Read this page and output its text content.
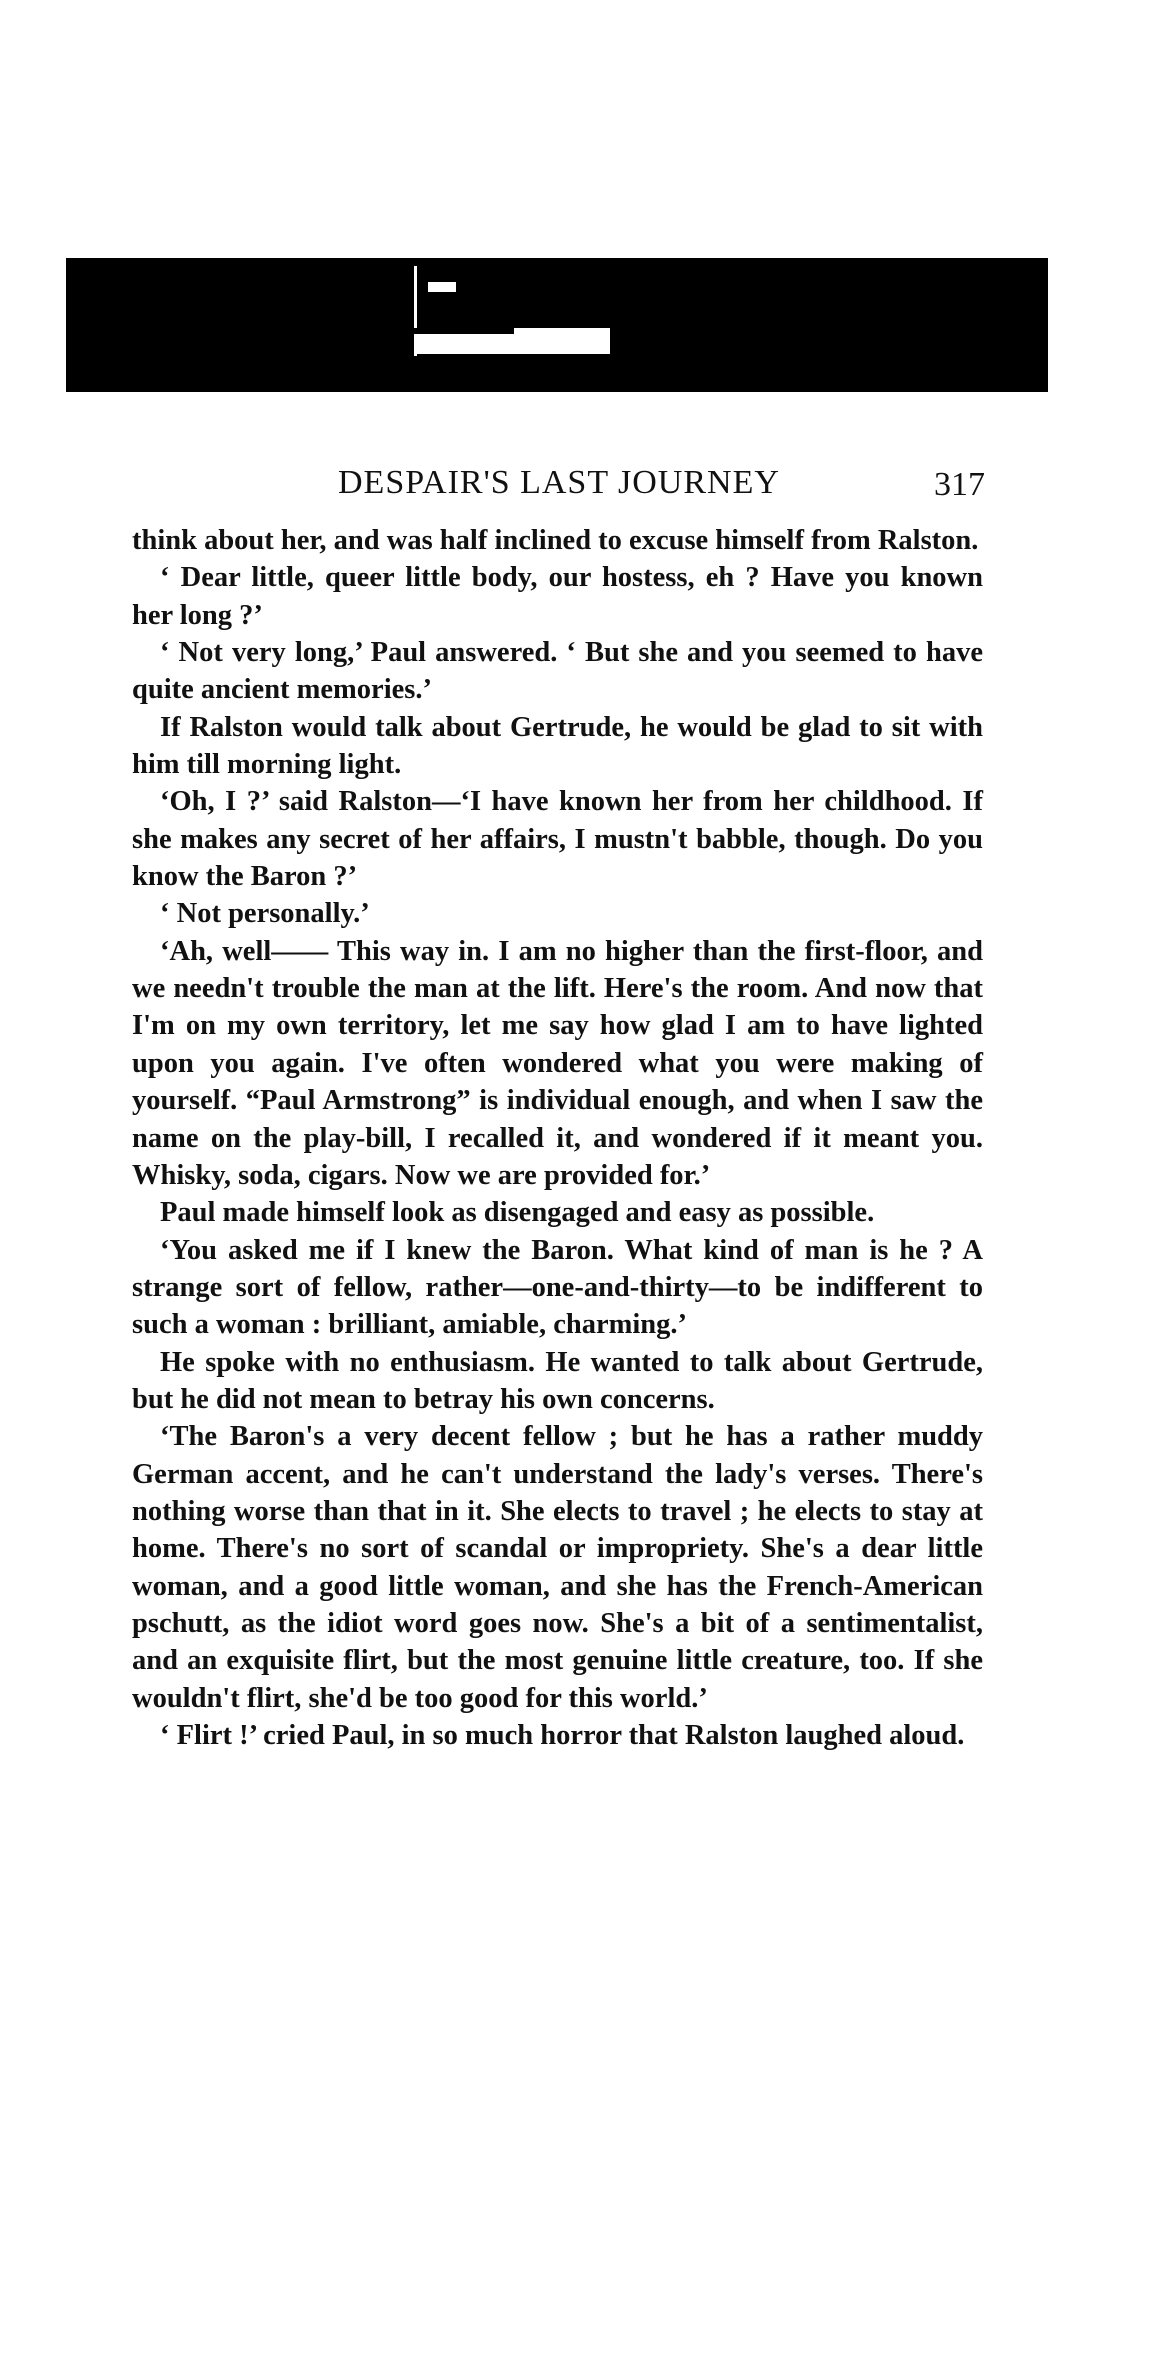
DESPAIR'S LAST JOURNEY	317

think about her, and was half inclined to excuse himself from Ralston.

‘ Dear little, queer little body, our hostess, eh ? Have you known her long ?’

‘ Not very long,’ Paul answered. ‘ But she and you seemed to have quite ancient memories.’

If Ralston would talk about Gertrude, he would be glad to sit with him till morning light.

‘Oh, I ?’ said Ralston—‘I have known her from her childhood. If she makes any secret of her affairs, I mustn't babble, though. Do you know the Baron ?’

‘ Not personally.’

‘Ah, well—— This way in. I am no higher than the first-floor, and we needn't trouble the man at the lift. Here's the room. And now that I'm on my own territory, let me say how glad I am to have lighted upon you again. I've often wondered what you were making of yourself. “Paul Armstrong” is individual enough, and when I saw the name on the play-bill, I recalled it, and wondered if it meant you. Whisky, soda, cigars. Now we are provided for.’

Paul made himself look as disengaged and easy as possible.

‘You asked me if I knew the Baron. What kind of man is he ? A strange sort of fellow, rather—one-and-thirty—to be indifferent to such a woman : brilliant, amiable, charming.’

He spoke with no enthusiasm. He wanted to talk about Gertrude, but he did not mean to betray his own concerns.

‘The Baron's a very decent fellow ; but he has a rather muddy German accent, and he can't understand the lady's verses. There's nothing worse than that in it. She elects to travel ; he elects to stay at home. There's no sort of scandal or impropriety. She's a dear little woman, and a good little woman, and she has the French-American pschutt, as the idiot word goes now. She's a bit of a sentimentalist, and an exquisite flirt, but the most genuine little creature, too. If she wouldn't flirt, she'd be too good for this world.’

‘ Flirt !’ cried Paul, in so much horror that Ralston laughed aloud.
